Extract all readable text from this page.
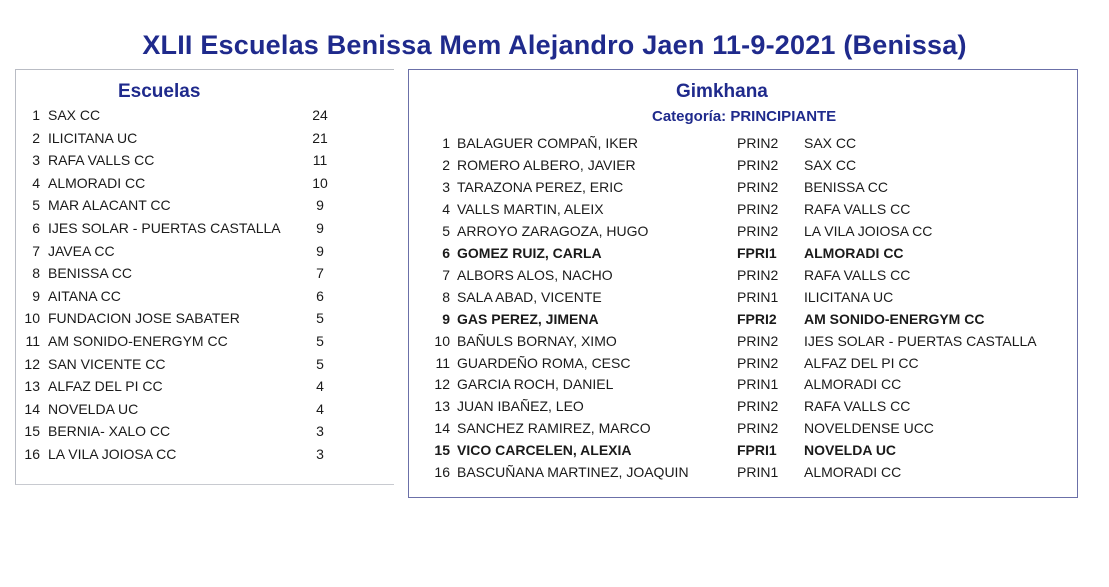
XLII Escuelas Benissa Mem Alejandro Jaen 11-9-2021 (Benissa)
Escuelas
1 SAX CC	24
2 ILICITANA UC	21
3 RAFA VALLS CC	11
4 ALMORADI CC	10
5 MAR ALACANT CC	9
6 IJES SOLAR - PUERTAS CASTALLA	9
7 JAVEA CC	9
8 BENISSA CC	7
9 AITANA CC	6
10 FUNDACION JOSE SABATER	5
11 AM SONIDO-ENERGYM CC	5
12 SAN VICENTE CC	5
13 ALFAZ DEL PI CC	4
14 NOVELDA UC	4
15 BERNIA- XALO CC	3
16 LA VILA JOIOSA CC	3
Gimkhana
Categoría: PRINCIPIANTE
1 BALAGUER COMPAÑ, IKER	PRIN2 SAX CC
2 ROMERO ALBERO, JAVIER	PRIN2 SAX CC
3 TARAZONA PEREZ, ERIC	PRIN2 BENISSA CC
4 VALLS MARTIN, ALEIX	PRIN2 RAFA VALLS CC
5 ARROYO ZARAGOZA, HUGO	PRIN2 LA VILA JOIOSA CC
6 GOMEZ RUIZ, CARLA	FPRI1 ALMORADI CC
7 ALBORS ALOS, NACHO	PRIN2 RAFA VALLS CC
8 SALA ABAD, VICENTE	PRIN1 ILICITANA UC
9 GAS PEREZ, JIMENA	FPRI2 AM SONIDO-ENERGYM CC
10 BAÑULS BORNAY, XIMO	PRIN2 IJES SOLAR - PUERTAS CASTALLA
11 GUARDEÑO ROMA, CESC	PRIN2 ALFAZ DEL PI CC
12 GARCIA ROCH, DANIEL	PRIN1 ALMORADI CC
13 JUAN IBAÑEZ, LEO	PRIN2 RAFA VALLS CC
14 SANCHEZ RAMIREZ, MARCO	PRIN2 NOVELDENSE UCC
15 VICO CARCELEN, ALEXIA	FPRI1 NOVELDA UC
16 BASCUÑANA MARTINEZ, JOAQUIN	PRIN1 ALMORADI CC
